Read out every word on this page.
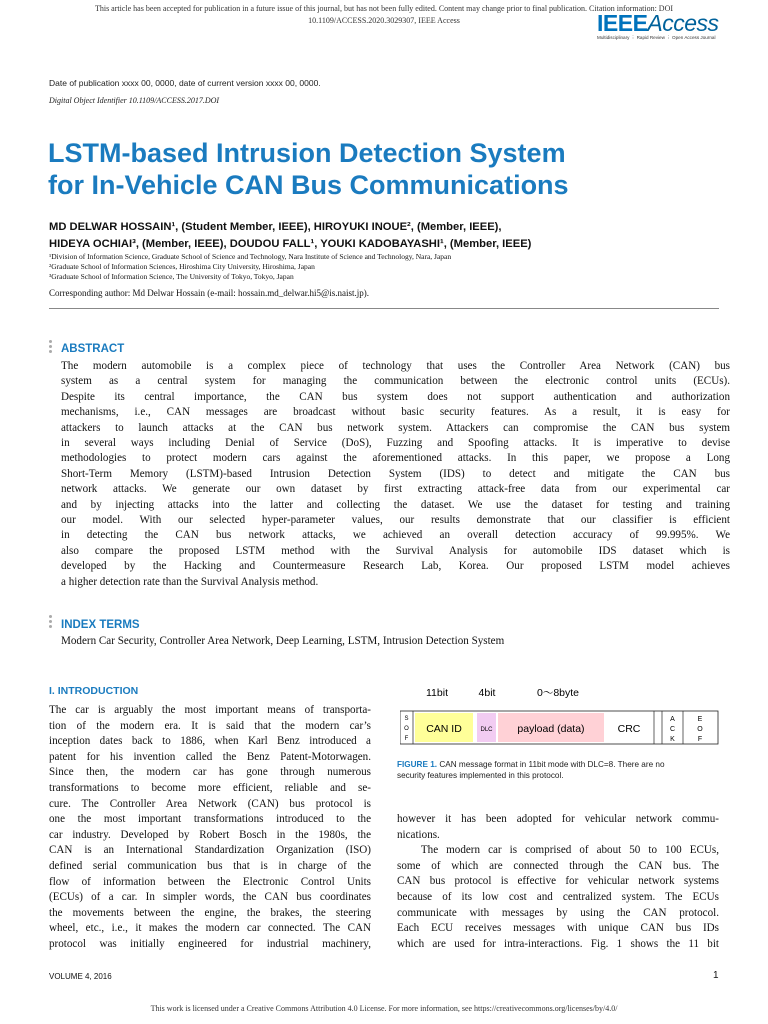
This article has been accepted for publication in a future issue of this journal, but has not been fully edited. Content may change prior to final publication. Citation information: DOI
10.1109/ACCESS.2020.3029307, IEEE Access	IEEEAccess
Multidisciplinary ⋮ Rapid Review ⋮ Open Access Journal
Date of publication xxxx 00, 0000, date of current version xxxx 00, 0000.
Digital Object Identifier 10.1109/ACCESS.2017.DOI
LSTM-based Intrusion Detection System
for In-Vehicle CAN Bus Communications
MD DELWAR HOSSAIN¹, (Student Member, IEEE), HIROYUKI INOUE², (Member, IEEE),
HIDEYA OCHIAI³, (Member, IEEE), DOUDOU FALL¹, YOUKI KADOBAYASHI¹, (Member, IEEE)
¹Division of Information Science, Graduate School of Science and Technology, Nara Institute of Science and Technology, Nara, Japan
²Graduate School of Information Sciences, Hiroshima City University, Hiroshima, Japan
³Graduate School of Information Science, The University of Tokyo, Tokyo, Japan
Corresponding author: Md Delwar Hossain (e-mail: hossain.md_delwar.hi5@is.naist.jp).
ABSTRACT
The modern automobile is a complex piece of technology that uses the Controller Area Network (CAN) bus
system as a central system for managing the communication between the electronic control units (ECUs).
Despite its central importance, the CAN bus system does not support authentication and authorization
mechanisms, i.e., CAN messages are broadcast without basic security features. As a result, it is easy for
attackers to launch attacks at the CAN bus network system. Attackers can compromise the CAN bus system
in several ways including Denial of Service (DoS), Fuzzing and Spoofing attacks. It is imperative to devise
methodologies to protect modern cars against the aforementioned attacks. In this paper, we propose a Long
Short-Term Memory (LSTM)-based Intrusion Detection System (IDS) to detect and mitigate the CAN bus
network attacks. We generate our own dataset by first extracting attack-free data from our experimental car
and by injecting attacks into the latter and collecting the dataset. We use the dataset for testing and training
our model. With our selected hyper-parameter values, our results demonstrate that our classifier is efficient
in detecting the CAN bus network attacks, we achieved an overall detection accuracy of 99.995%. We
also compare the proposed LSTM method with the Survival Analysis for automobile IDS dataset which is
developed by the Hacking and Countermeasure Research Lab, Korea. Our proposed LSTM model achieves
a higher detection rate than the Survival Analysis method.
INDEX TERMS
Modern Car Security, Controller Area Network, Deep Learning, LSTM, Intrusion Detection System
I. INTRODUCTION
The car is arguably the most important means of transporta-
tion of the modern era. It is said that the modern car’s
inception dates back to 1886, when Karl Benz introduced a
patent for his invention called the Benz Patent-Motorwagen.
Since then, the modern car has gone through numerous
transformations to become more efficient, reliable and se-
cure. The Controller Area Network (CAN) bus protocol is
one the most important transformations introduced to the
car industry. Developed by Robert Bosch in the 1980s, the
CAN is an International Standardization Organization (ISO)
defined serial communication bus that is in charge of the
flow of information between the Electronic Control Units
(ECUs) of a car. In simpler words, the CAN bus coordinates
the movements between the engine, the brakes, the steering
wheel, etc., i.e., it makes the modern car connected. The CAN
protocol was initially engineered for industrial machinery,
11bit	4bit	0～8byte
S
O
F
CAN ID	DLC payload (data)	CRC
A
C
K
E
O
F
FIGURE 1. CAN message format in 11bit mode with DLC=8. There are no
security features implemented in this protocol.
however it has been adopted for vehicular network commu-
nications.
The modern car is comprised of about 50 to 100 ECUs,
some of which are connected through the CAN bus. The
CAN bus protocol is effective for vehicular network systems
because of its low cost and centralized system. The ECUs
communicate with messages by using the CAN protocol.
Each ECU receives messages with unique CAN bus IDs
which are used for intra-interactions. Fig. 1 shows the 11 bit
VOLUME 4, 2016	1
This work is licensed under a Creative Commons Attribution 4.0 License. For more information, see https://creativecommons.org/licenses/by/4.0/
